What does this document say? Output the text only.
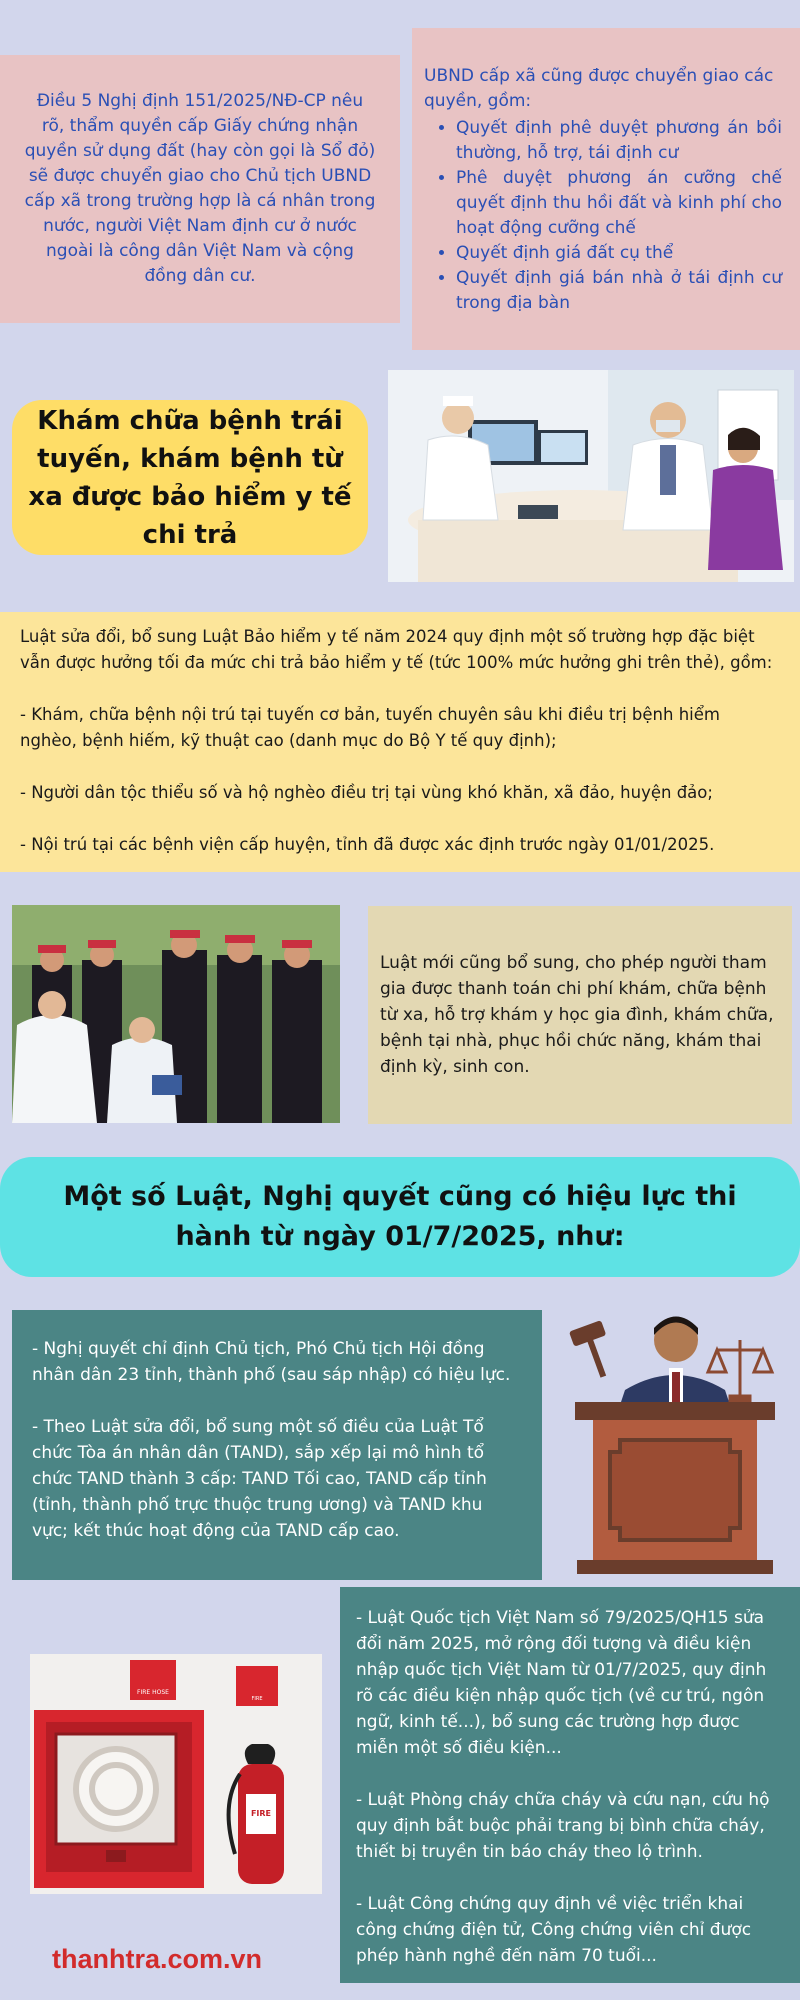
Điều 5 Nghị định 151/2025/NĐ-CP nêu rõ, thẩm quyền cấp Giấy chứng nhận quyền sử dụng đất (hay còn gọi là Sổ đỏ) sẽ được chuyển giao cho Chủ tịch UBND cấp xã trong trường hợp là cá nhân trong nước, người Việt Nam định cư ở nước ngoài là công dân Việt Nam và cộng đồng dân cư.

UBND cấp xã cũng được chuyển giao các quyền, gồm:
• Quyết định phê duyệt phương án bồi thường, hỗ trợ, tái định cư
• Phê duyệt phương án cưỡng chế quyết định thu hồi đất và kinh phí cho hoạt động cưỡng chế
• Quyết định giá đất cụ thể
• Quyết định giá bán nhà ở tái định cư trong địa bàn
Khám chữa bệnh trái tuyến, khám bệnh từ xa được bảo hiểm y tế chi trả

Luật sửa đổi, bổ sung Luật Bảo hiểm y tế năm 2024 quy định một số trường hợp đặc biệt vẫn được hưởng tối đa mức chi trả bảo hiểm y tế (tức 100% mức hưởng ghi trên thẻ), gồm:

- Khám, chữa bệnh nội trú tại tuyến cơ bản, tuyến chuyên sâu khi điều trị bệnh hiểm nghèo, bệnh hiếm, kỹ thuật cao (danh mục do Bộ Y tế quy định);

- Người dân tộc thiểu số và hộ nghèo điều trị tại vùng khó khăn, xã đảo, huyện đảo;

- Nội trú tại các bệnh viện cấp huyện, tỉnh đã được xác định trước ngày 01/01/2025.

Luật mới cũng bổ sung, cho phép người tham gia được thanh toán chi phí khám, chữa bệnh từ xa, hỗ trợ khám y học gia đình, khám chữa, bệnh tại nhà, phục hồi chức năng, khám thai định kỳ, sinh con.

Một số Luật, Nghị quyết cũng có hiệu lực thi hành từ ngày 01/7/2025, như:

- Nghị quyết chỉ định Chủ tịch, Phó Chủ tịch Hội đồng nhân dân 23 tỉnh, thành phố (sau sáp nhập) có hiệu lực.

- Theo Luật sửa đổi, bổ sung một số điều của Luật Tổ chức Tòa án nhân dân (TAND), sắp xếp lại mô hình tổ chức TAND thành 3 cấp: TAND Tối cao, TAND cấp tỉnh (tỉnh, thành phố trực thuộc trung ương) và TAND khu vực; kết thúc hoạt động của TAND cấp cao.

FIRE HOSE
FIRE
FIRE

- Luật Quốc tịch Việt Nam số 79/2025/QH15 sửa đổi năm 2025, mở rộng đối tượng và điều kiện nhập quốc tịch Việt Nam từ 01/7/2025, quy định rõ các điều kiện nhập quốc tịch (về cư trú, ngôn ngữ, kinh tế...), bổ sung các trường hợp được miễn một số điều kiện...

- Luật Phòng cháy chữa cháy và cứu nạn, cứu hộ quy định bắt buộc phải trang bị bình chữa cháy, thiết bị truyền tin báo cháy theo lộ trình.

- Luật Công chứng quy định về việc triển khai công chứng điện tử, Công chứng viên chỉ được phép hành nghề đến năm 70 tuổi...

thanhtra.com.vn
